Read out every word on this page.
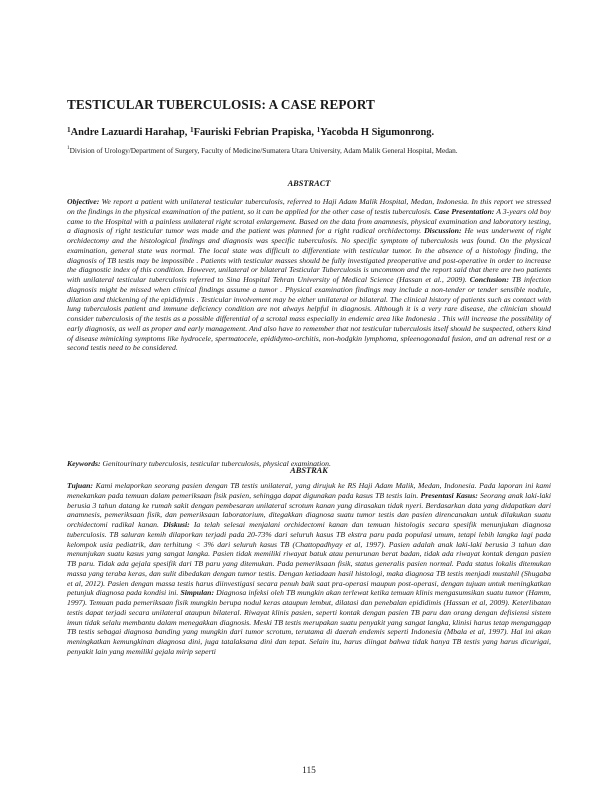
TESTICULAR TUBERCULOSIS: A CASE REPORT
$^1$Andre Lazuardi Harahap, $^1$Fauriski Febrian Prapiska, $^1$Yacobda H Sigumonrong.
$^1$Division of Urology/Department of Surgery, Faculty of Medicine/Sumatera Utara University, Adam Malik General Hospital, Medan.
ABSTRACT
Objective: We report a patient with unilateral testicular tuberculosis, referred to Haji Adam Malik Hospital, Medan, Indonesia. In this report we stressed on the findings in the physical examination of the patient, so it can be applied for the other case of testis tuberculosis. Case Presentation: A 3-years old boy came to the Hospital with a painless unilateral right scrotal enlargement. Based on the data from anamnesis, physical examination and laboratory testing, a diagnosis of right testicular tumor was made and the patient was planned for a right radical orchidectomy. Discussion: He was underwent of right orchidectomy and the histological findings and diagnosis was specific tuberculosis. No specific symptom of tuberculosis was found. On the physical examination, general state was normal. The local state was difficult to differentiate with testicular tumor. In the absence of a histology finding, the diagnosis of TB testis may be impossible . Patients with testicular masses should be fully investigated preoperative and post-operative in order to increase the diagnostic index of this condition. However, unilateral or bilateral Testicular Tuberculosis is uncommon and the report said that there are two patients with unilateral testicular tuberculosis referred to Sina Hospital Tehran University of Medical Science (Hassan et al., 2009). Conclusion: TB infection diagnosis might be missed when clinical findings assume a tumor . Physical examination findings may include a non-tender or tender sensible nodule, dilation and thickening of the epididymis . Testicular involvement may be either unilateral or bilateral. The clinical history of patients such as contact with lung tuberculosis patient and immune deficiency condition are not always helpful in diagnosis. Although it is a very rare disease, the clinician should consider tuberculosis of the testis as a possible differential of a scrotal mass especially in endemic area like Indonesia . This will increase the possibility of early diagnosis, as well as proper and early management. And also have to remember that not testicular tuberculosis itself should be suspected, others kind of disease mimicking symptoms like hydrocele, spermatocele, epididymo-orchitis, non-hodgkin lymphoma, spleenogonadal fusion, and an adrenal rest or a second testis need to be considered.
Keywords: Genitourinary tuberculosis, testicular tuberculosis, physical examination.
ABSTRAK
Tujuan: Kami melaporkan seorang pasien dengan TB testis unilateral, yang dirujuk ke RS Haji Adam Malik, Medan, Indonesia. Pada laporan ini kami menekankan pada temuan dalam pemeriksaan fisik pasien, sehingga dapat digunakan pada kasus TB testis lain. Presentasi Kasus: Seorang anak laki-laki berusia 3 tahun datang ke rumah sakit dengan pembesaran unilateral scrotum kanan yang dirasakan tidak nyeri. Berdasarkan data yang didapatkan dari anamnesis, pemeriksaan fisik, dan pemeriksaan laboratorium, ditegakkan diagnosa suatu tumor testis dan pasien direncanakan untuk dilakukan suatu orchidectomi radikal kanan. Diskusi: Ia telah selesai menjalani orchidectomi kanan dan temuan histologis secara spesifik menunjukan diagnosa tuberculosis. TB saluran kemih dilaporkan terjadi pada 20-73% dari seluruh kasus TB ekstra paru pada populasi umum, tetapi lebih langka lagi pada kelompok usia pediatrik, dan terhitung < 3% dari seluruh kasus TB (Chattopadhyay et al, 1997). Pasien adalah anak laki-laki berusia 3 tahun dan menunjukan suatu kasus yang sangat langka. Pasien tidak memiliki riwayat batuk atau penurunan berat badan, tidak ada riwayat kontak dengan pasien TB paru. Tidak ada gejala spesifik dari TB paru yang ditemukan. Pada pemeriksaan fisik, status generalis pasien normal. Pada status lokalis ditemukan massa yang teraba keras, dan sulit dibedakan dengan tumor testis. Dengan ketiadaan hasil histologi, maka diagnosa TB testis menjadi mustahil (Shugaba et al, 2012). Pasien dengan massa testis harus diinvestigasi secara penuh baik saat pra-operasi maupun post-operasi, dengan tujuan untuk meningkatkan petunjuk diagnosa pada kondisi ini. Simpulan: Diagnosa infeksi oleh TB mungkin akan terlewat ketika temuan klinis mengasumsikan suatu tumor (Hamm, 1997). Temuan pada pemeriksaan fisik mungkin berupa nodul keras ataupun lembut, dilatasi dan penebalan epididimis (Hassan et al, 2009). Keterlibatan testis dapat terjadi secara unilateral ataupun bilateral. Riwayat klinis pasien, seperti kontak dengan pasien TB paru dan orang dengan defisiensi sistem imun tidak selalu membantu dalam menegakkan diagnosis. Meski TB testis merupakan suatu penyakit yang sangat langka, klinisi harus tetap menganggap TB testis sebagai diagnosa banding yang mungkin dari tumor scrotum, terutama di daerah endemis seperti Indonesia (Mbala et al, 1997). Hal ini akan meningkatkan kemungkinan diagnosa dini, juga tatalaksana dini dan tepat. Selain itu, harus diingat bahwa tidak hanya TB testis yang harus dicurigai, penyakit lain yang memiliki gejala mirip seperti
115
